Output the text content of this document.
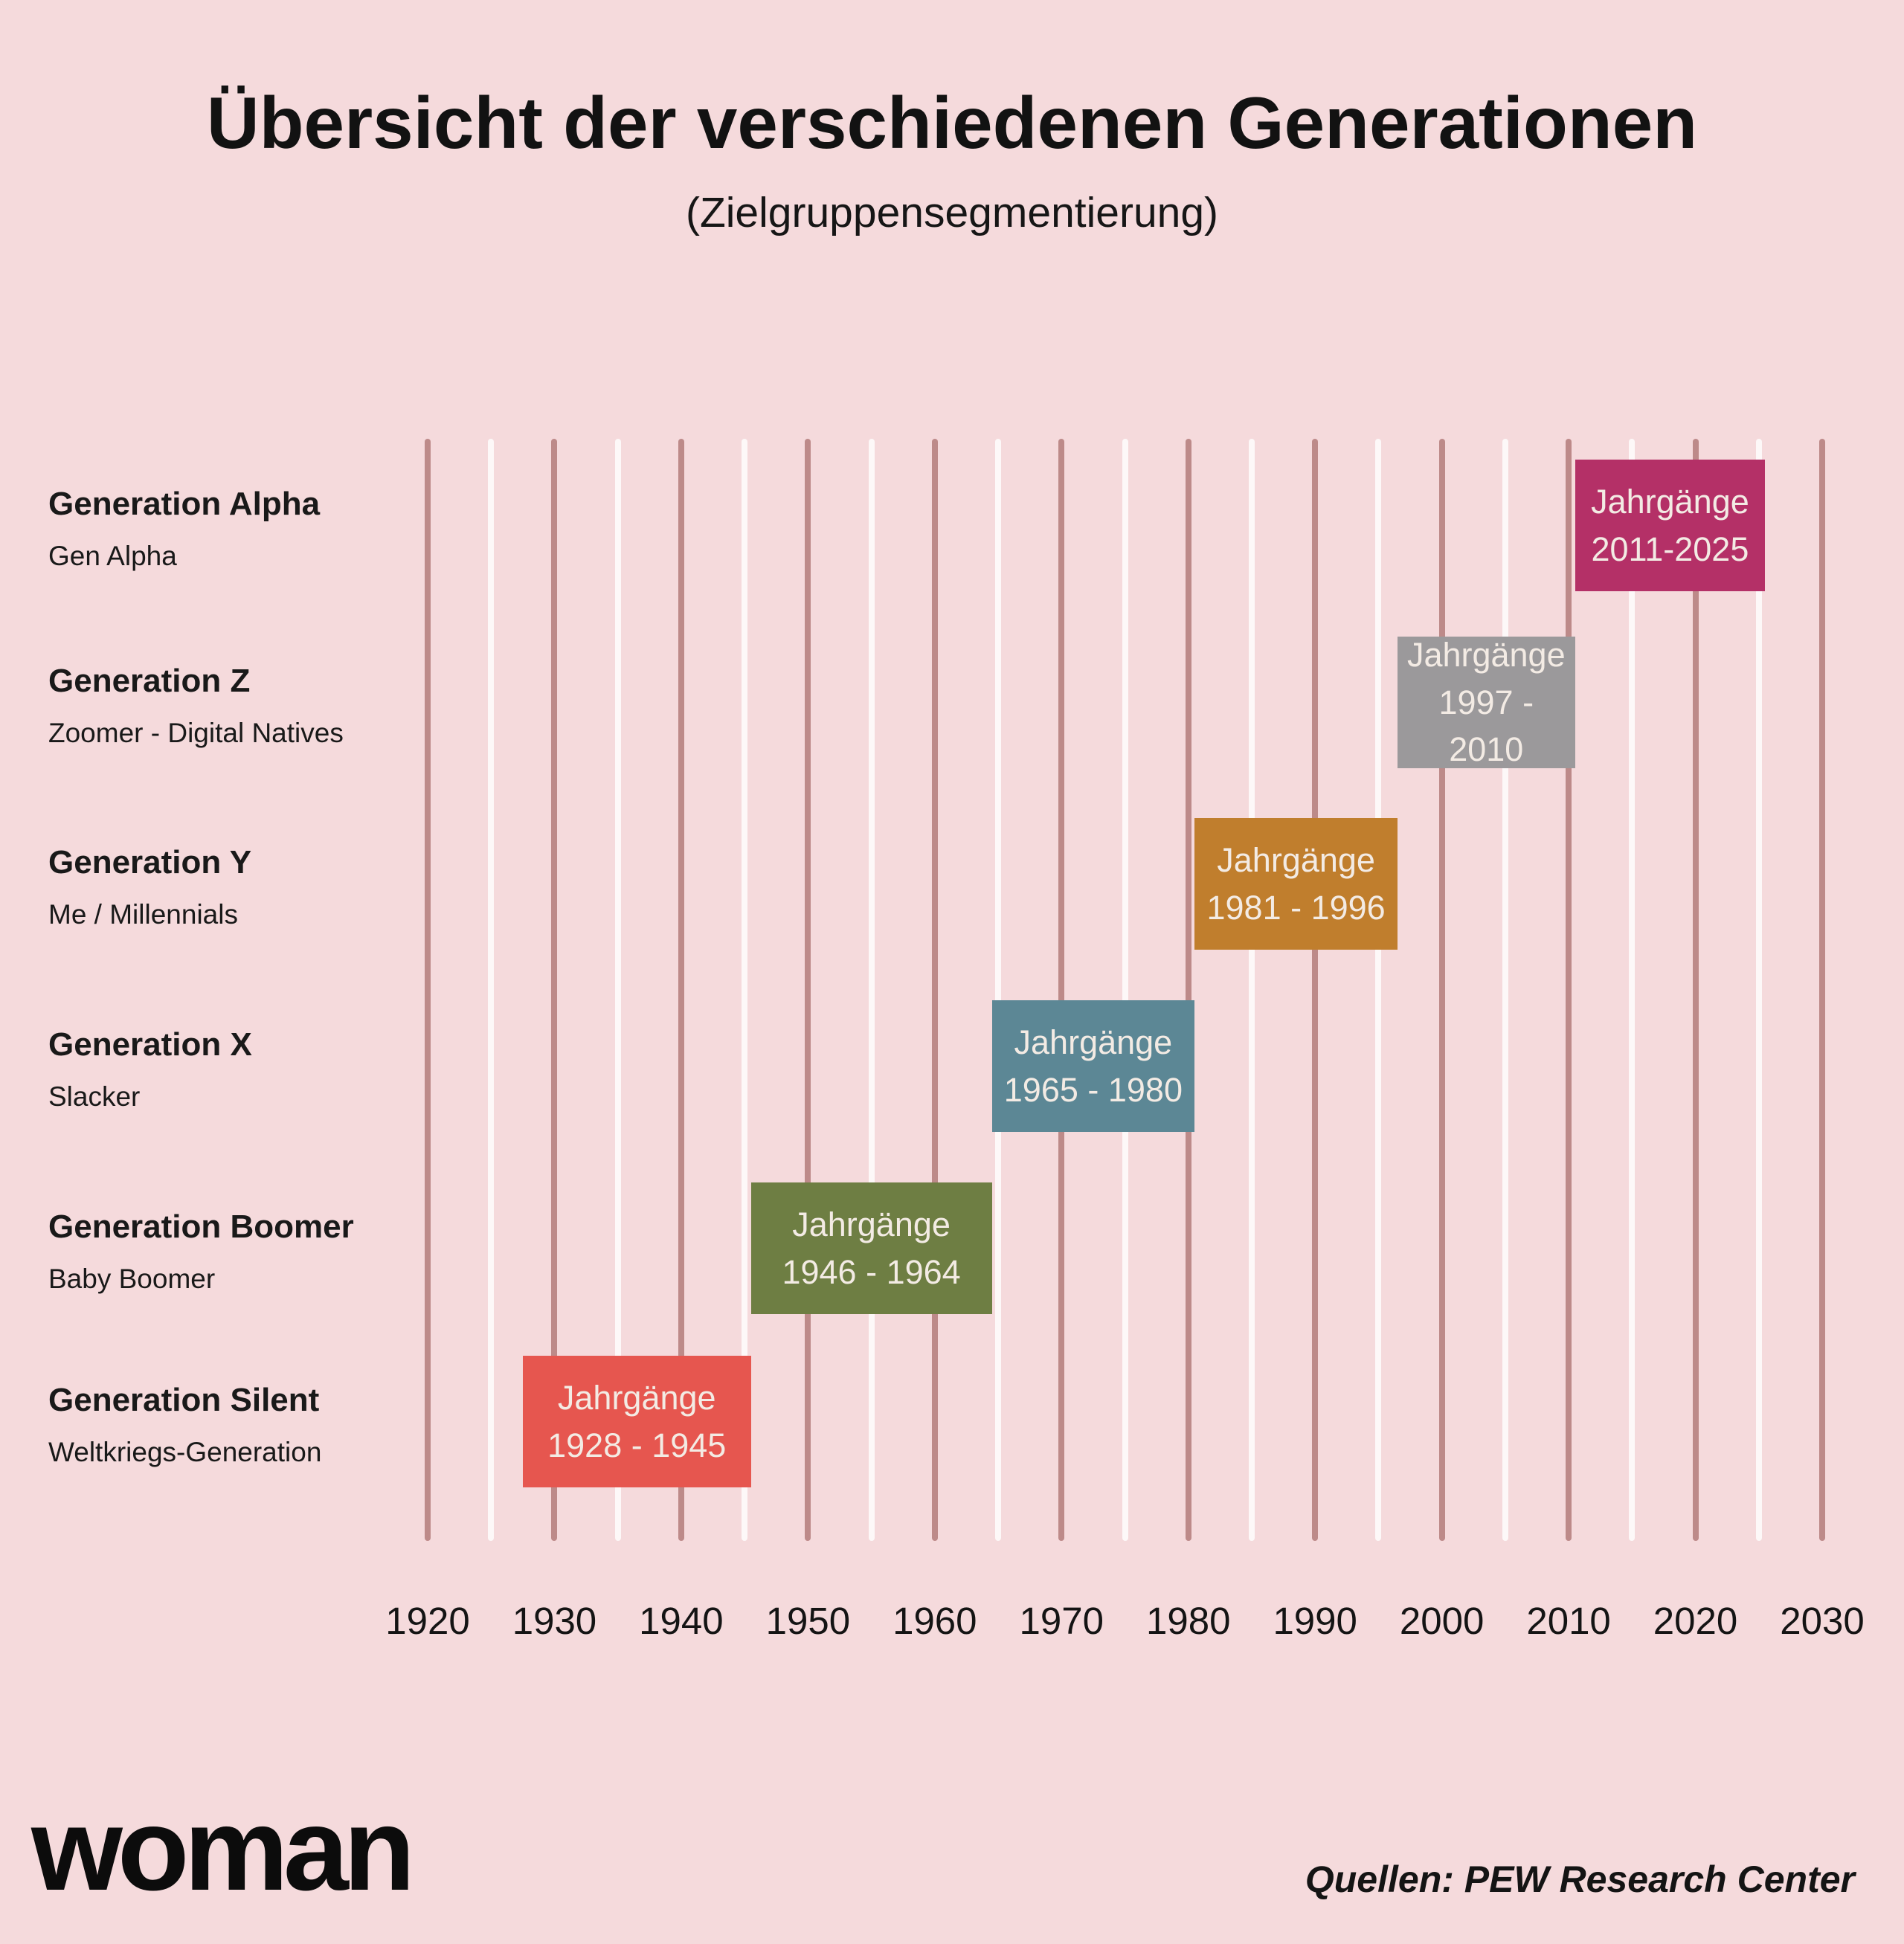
Übersicht der verschiedenen Generationen
(Zielgruppensegmentierung)
Jahrgänge
2011-2025
Generation Alpha
Gen Alpha
Jahrgänge
1997 - 2010
Generation Z
Zoomer - Digital Natives
Jahrgänge
1981 - 1996
Generation Y
Me / Millennials
Jahrgänge
1965 - 1980
Generation X
Slacker
Jahrgänge
1946 - 1964
Generation Boomer
Baby Boomer
Jahrgänge
1928 - 1945
Generation Silent
Weltkriegs-Generation
1920 1930 1940 1950 1960 1970 1980 1990 2000 2010 2020 2030
woman	Quellen: PEW Research Center
